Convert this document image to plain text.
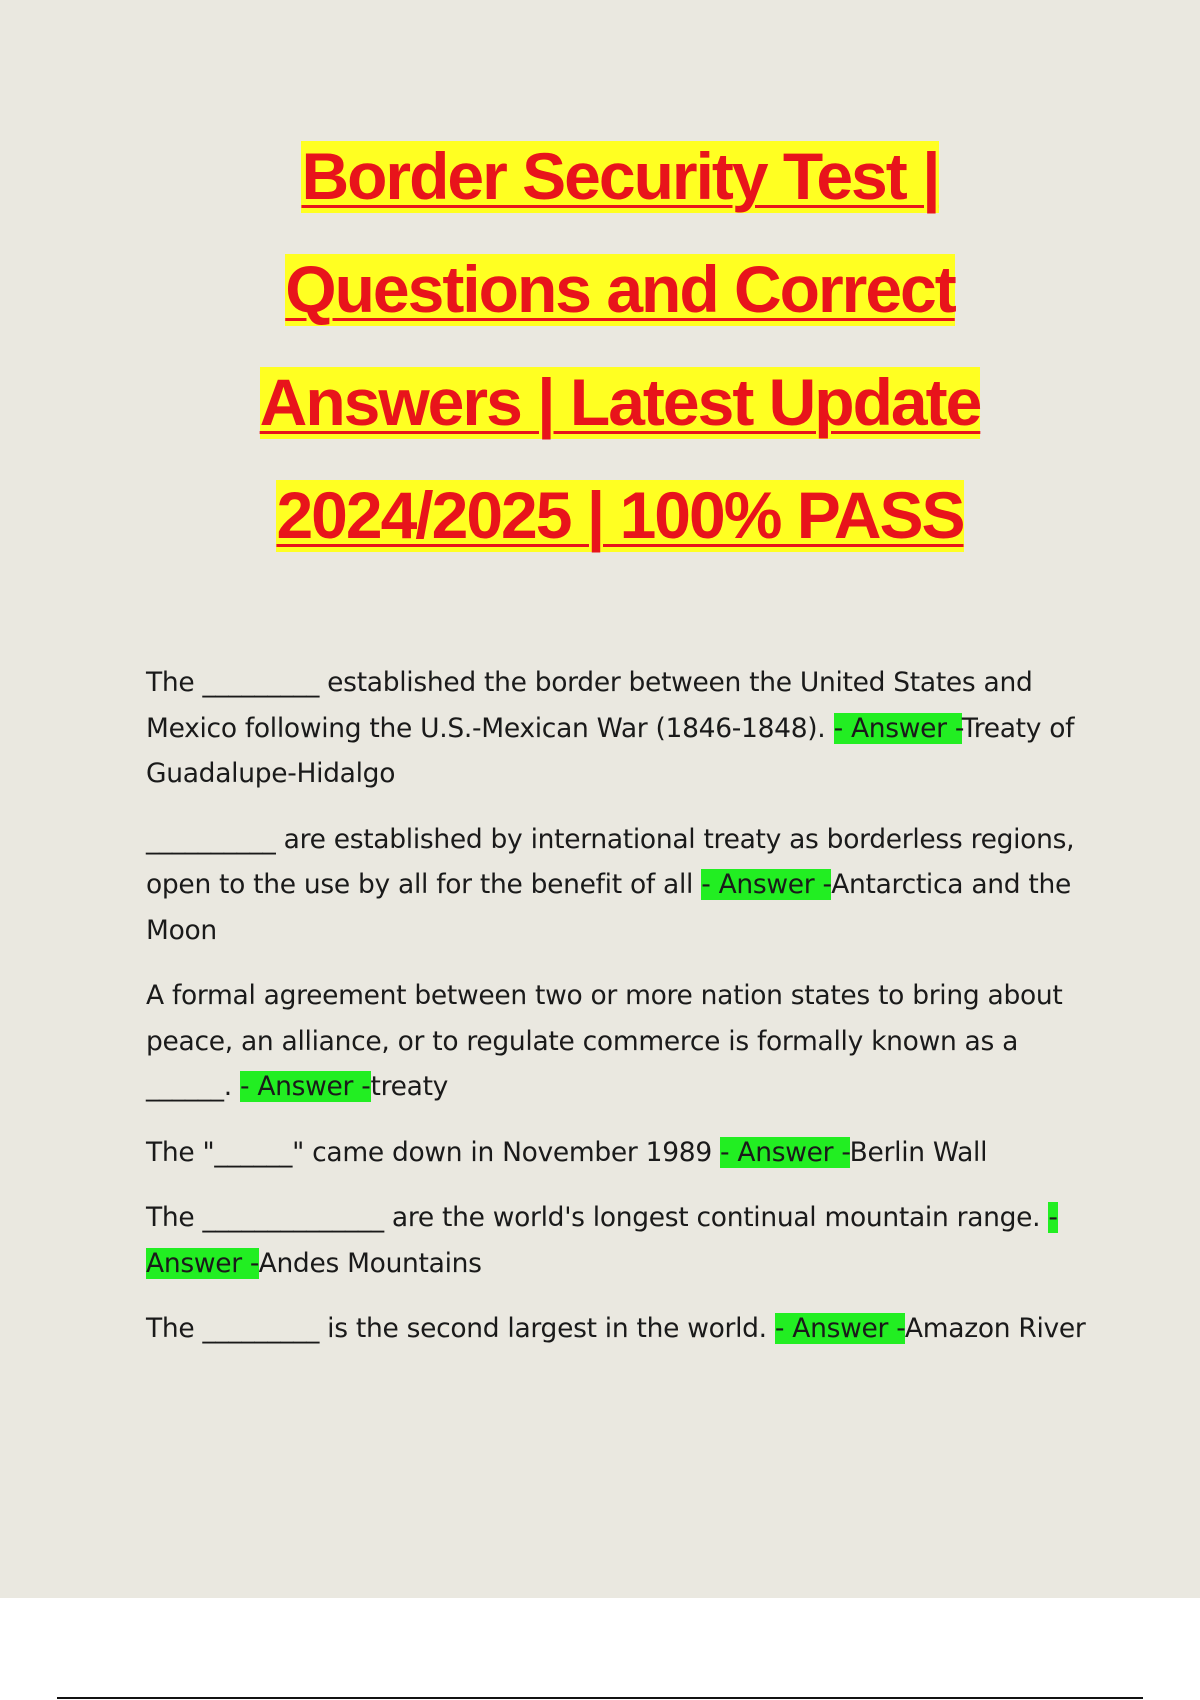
Border Security Test |
Questions and Correct
Answers | Latest Update
2024/2025 | 100% PASS

The _________ established the border between the United States and Mexico following the U.S.-Mexican War (1846-1848). - Answer -Treaty of Guadalupe-Hidalgo

__________ are established by international treaty as borderless regions, open to the use by all for the benefit of all - Answer -Antarctica and the Moon

A formal agreement between two or more nation states to bring about peace, an alliance, or to regulate commerce is formally known as a ______. - Answer -treaty

The "______" came down in November 1989 - Answer -Berlin Wall

The ______________ are the world's longest continual mountain range. - Answer -Andes Mountains

The _________ is the second largest in the world. - Answer -Amazon River
